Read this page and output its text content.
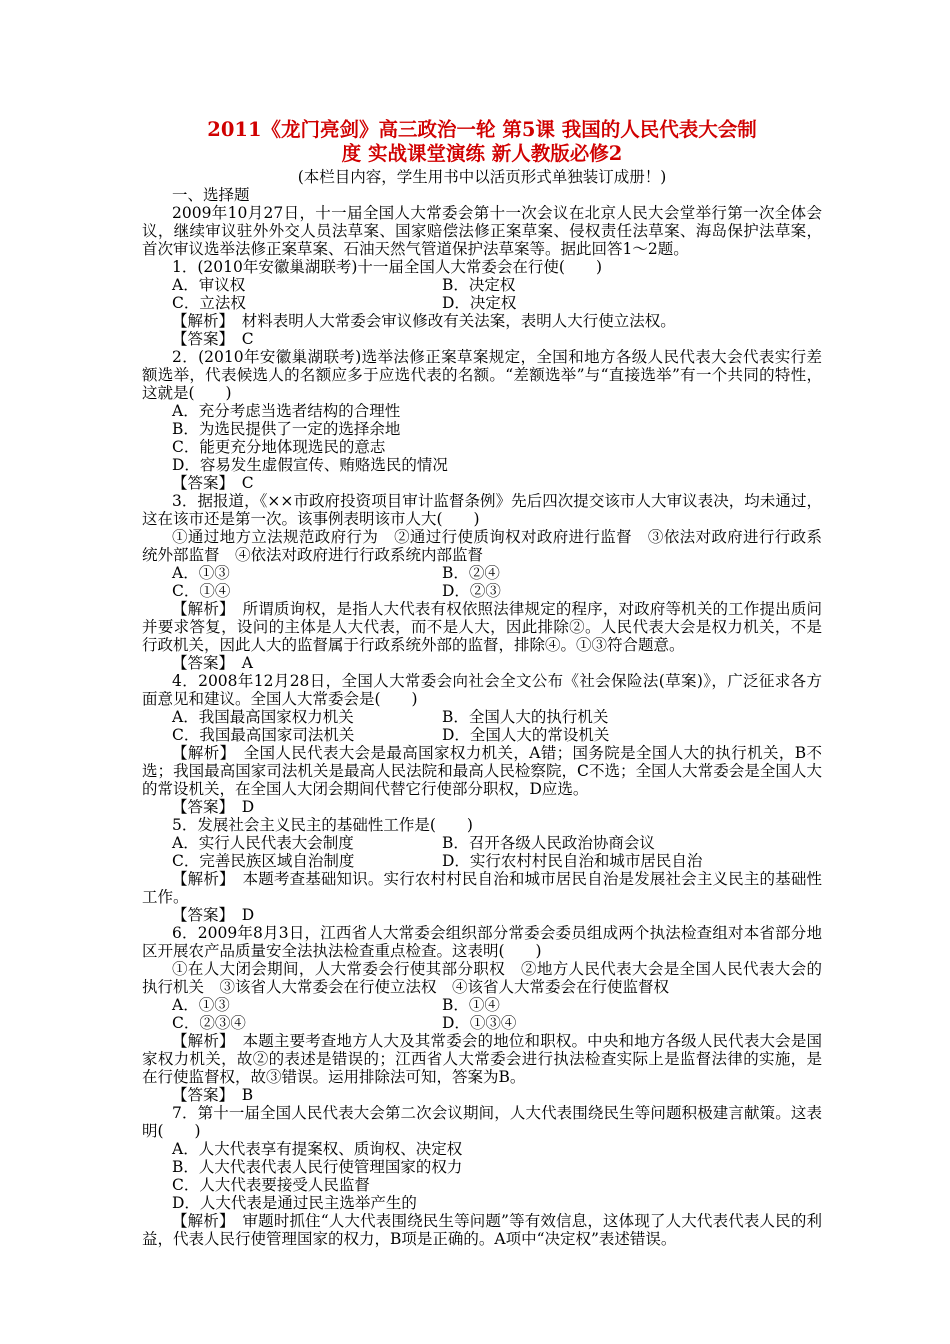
2011《龙门亮剑》高三政治一轮 第5课 我国的人民代表大会制

度 实战课堂演练 新人教版必修2

(本栏目内容，学生用书中以活页形式单独装订成册！)

一、选择题

2009年10月27日，十一届全国人大常委会第十一次会议在北京人民大会堂举行第一次全体会议，继续审议驻外外交人员法草案、国家赔偿法修正案草案、侵权责任法草案、海岛保护法草案，首次审议选举法修正案草案、石油天然气管道保护法草案等。据此回答1～2题。

1．(2010年安徽巢湖联考)十一届全国人大常委会在行使(　　)

A．审议权	B．决定权
C．立法权	D．决定权

【解析】　材料表明人大常委会审议修改有关法案，表明人大行使立法权。

【答案】　C

2．(2010年安徽巢湖联考)选举法修正案草案规定，全国和地方各级人民代表大会代表实行差额选举，代表候选人的名额应多于应选代表的名额。“差额选举”与“直接选举”有一个共同的特性，这就是(　　)

A．充分考虑当选者结构的合理性

B．为选民提供了一定的选择余地

C．能更充分地体现选民的意志

D．容易发生虚假宣传、贿赂选民的情况

【答案】　C

3．据报道，《××市政府投资项目审计监督条例》先后四次提交该市人大审议表决，均未通过，这在该市还是第一次。该事例表明该市人大(　　)

①通过地方立法规范政府行为　②通过行使质询权对政府进行监督　③依法对政府进行行政系统外部监督　④依法对政府进行行政系统内部监督

A．①③	B．②④
C．①④	D．②③

【解析】　所谓质询权，是指人大代表有权依照法律规定的程序，对政府等机关的工作提出质问并要求答复，设问的主体是人大代表，而不是人大，因此排除②。人民代表大会是权力机关，不是行政机关，因此人大的监督属于行政系统外部的监督，排除④。①③符合题意。

【答案】　A

4．2008年12月28日，全国人大常委会向社会全文公布《社会保险法(草案)》，广泛征求各方面意见和建议。全国人大常委会是(　　)

A．我国最高国家权力机关	B．全国人大的执行机关
C．我国最高国家司法机关	D．全国人大的常设机关

【解析】　全国人民代表大会是最高国家权力机关，A错；国务院是全国人大的执行机关，B不选；我国最高国家司法机关是最高人民法院和最高人民检察院，C不选；全国人大常委会是全国人大的常设机关，在全国人大闭会期间代替它行使部分职权，D应选。

【答案】　D

5．发展社会主义民主的基础性工作是(　　)

A．实行人民代表大会制度	B．召开各级人民政治协商会议
C．完善民族区域自治制度	D．实行农村村民自治和城市居民自治

【解析】　本题考查基础知识。实行农村村民自治和城市居民自治是发展社会主义民主的基础性工作。

【答案】　D

6．2009年8月3日，江西省人大常委会组织部分常委会委员组成两个执法检查组对本省部分地区开展农产品质量安全法执法检查重点检查。这表明(　　)

①在人大闭会期间，人大常委会行使其部分职权　②地方人民代表大会是全国人民代表大会的执行机关　③该省人大常委会在行使立法权　④该省人大常委会在行使监督权

A．①③	B．①④
C．②③④	D．①③④

【解析】　本题主要考查地方人大及其常委会的地位和职权。中央和地方各级人民代表大会是国家权力机关，故②的表述是错误的；江西省人大常委会进行执法检查实际上是监督法律的实施，是在行使监督权，故③错误。运用排除法可知，答案为B。

【答案】　B

7．第十一届全国人民代表大会第二次会议期间，人大代表围绕民生等问题积极建言献策。这表明(　　)

A．人大代表享有提案权、质询权、决定权

B．人大代表代表人民行使管理国家的权力

C．人大代表要接受人民监督

D．人大代表是通过民主选举产生的

【解析】　审题时抓住“人大代表围绕民生等问题”等有效信息，这体现了人大代表代表人民的利益，代表人民行使管理国家的权力，B项是正确的。A项中“决定权”表述错误。
